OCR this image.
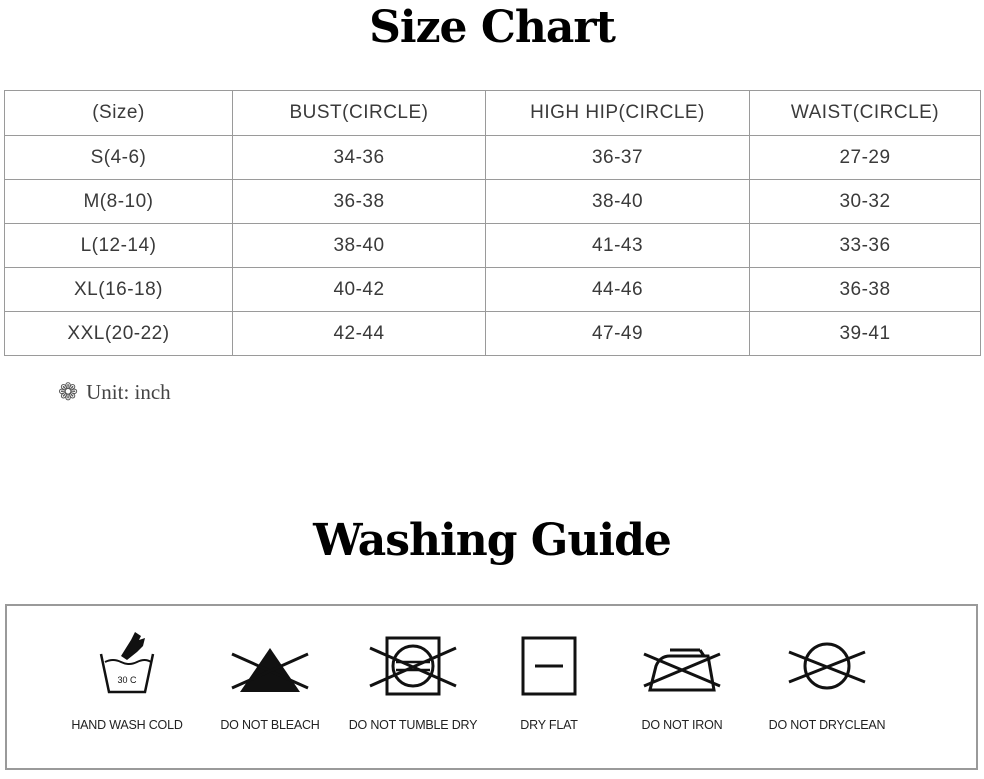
Size Chart
(Size)	BUST(CIRCLE)	HIGH HIP(CIRCLE)	WAIST(CIRCLE)
S(4-6)	34-36	36-37	27-29
M(8-10)	36-38	38-40	30-32
L(12-14)	38-40	41-43	33-36
XL(16-18)	40-42	44-46	36-38
XXL(20-22)	42-44	47-49	39-41
❁ Unit: inch
Washing Guide
30 C
HAND WASH COLD	DO NOT BLEACH	DO NOT TUMBLE DRY	DRY FLAT	DO NOT IRON	DO NOT DRYCLEAN
